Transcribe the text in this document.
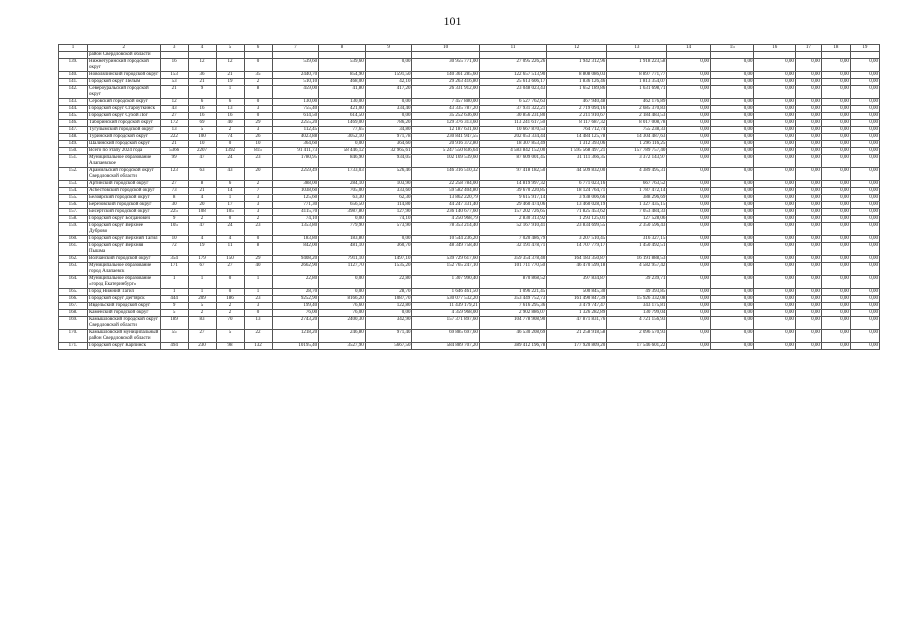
101
1	2	3	4	5	6	7	8	9	10	11	12	13	14	15	16	17	18	19
	район Свердловской области																	
139.	Нижнетуринский городской округ	16	12	12	0	539,60	539,60	0,00	30 955 771,00	27 095 226,26	1 942 312,96	1 918 223,58	0,00	0,00	0,00	0,00	0,00	0,00
140.	Новолялинский городской округ	153	36	21	35	2440,70	854,90	1591,50	140 361 285,60	122 657 513,90	8 808 086,03	8 897 771,77	0,00	0,00	0,00	0,00	0,00	0,00
141.	Городской округ Пелым	53	21	19	2	510,10	468,00	42,10	29 263 416,80	25 613 606,17	1 836 126,46	1 813 354,07	0,00	0,00	0,00	0,00	0,00	0,00
142.	Североуральский городской округ	21	9	1	8	459,00	41,80	417,20	26 331 912,00	23 048 023,43	1 652 189,86	1 631 698,71	0,00	0,00	0,00	0,00	0,00	0,00
143.	Серовский городской округ	12	6	6	0	130,00	130,00	0,00	7 457 880,00	6 527 762,63	467 940,48	462 176,89	0,00	0,00	0,00	0,00	0,00	0,00
144.	Городской округ Староуткинск	43	16	13	3	755,40	421,00	334,40	43 335 787,20	37 931 322,21	2 719 094,16	2 685 370,83	0,00	0,00	0,00	0,00	0,00	0,00
145.	Городской округ Сухой Лог	27	16	16	0	614,50	614,50	0,00	35 252 636,00	30 856 231,80	2 211 910,67	2 184 483,53	0,00	0,00	0,00	0,00	0,00	0,00
146.	Таборинский городской округ	172	69	40	29	2255,20	1469,00	786,20	129 376 313,60	113 241 617,50	8 117 687,32	8 017 008,78	0,00	0,00	0,00	0,00	0,00	0,00
147.	Тугулымский городской округ	13	5	2	3	112,45	77,65	34,80	12 187 631,60	10 667 870,53	764 712,74	755 238,33	0,00	0,00	0,00	0,00	0,00	0,00
148.	Туринский городской округ	222	100	74	26	4023,88	3052,10	971,78	230 841 947,55	202 053 334,44	14 484 125,78	14 304 487,63	0,00	0,00	0,00	0,00	0,00	0,00
149.	Шалинский городской округ	21	10	0	10	364,60	0,00	364,60	20 916 372,80	18 307 853,49	1 312 393,06	1 296 116,25	0,00	0,00	0,00	0,00	0,00	0,00
150.	Всего по этапу 2024 года	5366	2207	1392	815	91 411,73	58 446,12	32 965,61	5 247 550 836,64	4 583 842 152,00	1 595 568 497,21	157 789 757,40	0,00	0,00	0,00	0,00	0,00	0,00
151.	Муниципальное образование Алапаевское	99	47	24	23	1780,95	846,90	934,05	102 169 539,60	87 609 001,45	31 111 366,35	3 372 143,97	0,00	0,00	0,00	0,00	0,00	0,00
152.	Арамильский городской округ Свердловской области	123	63	43	20	2259,49	1733,03	526,46	146 316 510,32	97 418 182,50	44 509 832,00	4 389 495,31	0,00	0,00	0,00	0,00	0,00	0,00
153.	Артинский городской округ	27	8	6	2	388,00	284,10	103,90	22 258 784,00	14 819 997,32	6 771 023,16	667 763,52	0,00	0,00	0,00	0,00	0,00	0,00
154.	Асбестовский городской округ	73	21	14	7	1038,60	705,00	333,60	59 582 404,80	39 670 220,85	18 124 764,71	1 787 472,14	0,00	0,00	0,00	0,00	0,00	0,00
155.	Белоярский городской округ	8	4	1	3	125,60	63,30	62,30	13 862 220,79	9 615 917,14	3 938 006,66	388 296,69	0,00	0,00	0,00	0,00	0,00	0,00
156.	Березовский городской округ	30	20	17	3	771,30	656,50	114,80	44 247 331,40	29 460 474,06	13 460 028,19	1 327 435,15	0,00	0,00	0,00	0,00	0,00	0,00
157.	Бисертский городской округ	225	108	105	3	4115,70	3987,80	127,90	236 140 677,60	157 202 726,65	71 825 453,62	7 053 484,33	0,00	0,00	0,00	0,00	0,00	0,00
158.	Городской округ Богданович	9	2	0	2	74,10	0,00	74,10	4 250 968,79	2 830 313,92	1 293 125,01	127 528,06	0,00	0,00	0,00	0,00	0,00	0,00
159.	Городской округ Верхнее Дуброво	105	47	24	23	1353,80	779,90	573,90	78 353 214,40	52 167 910,41	23 834 699,55	2 350 596,43	0,00	0,00	0,00	0,00	0,00	0,00
160.	Городской округ Верхний Тагил	10	4	4	0	183,80	183,80	0,00	10 544 236,20	7 020 486,79	3 207 510,45	316 327,15	0,00	0,00	0,00	0,00	0,00	0,00
161.	Городской округ Верхняя Пышма	72	19	11	8	842,00	481,10	360,70	48 349 758,40	32 191 478,71	14 707 779,17	1 450 492,51	0,00	0,00	0,00	0,00	0,00	0,00
162.	Волчанский городской округ	354	179	150	29	9408,20	7911,10	1497,10	539 729 617,60	359 354 378,40	164 183 350,87	16 191 888,53	0,00	0,00	0,00	0,00	0,00	0,00
163.	Муниципальное образование город Алапаевск	171	67	27	40	2662,90	1127,70	1535,20	152 765 247,10	101 711 770,50	46 470 599,18	4 582 957,42	0,00	0,00	0,00	0,00	0,00	0,00
164.	Муниципальное образование «город Екатеринбург»	1	1	0	1	22,80	0,00	22,80	1 307 990,40	870 868,52	397 834,87	39 239,71	0,00	0,00	0,00	0,00	0,00	0,00
165.	Город Нижний Тагил	1	1	0	1	28,70	0,00	28,70	1 646 461,50	1 096 221,45	500 845,30	49 393,85	0,00	0,00	0,00	0,00	0,00	0,00
166.	Городской округ Дегтярск	444	209	186	23	9252,90	8166,20	1087,70	530 077 532,20	353 449 752,73	161 490 847,39	15 926 332,08	0,00	0,00	0,00	0,00	0,00	0,00
167.	Ивдельский городской округ	9	5	2	3	199,40	76,60	122,80	11 439 179,21	7 616 295,36	3 479 747,47	343 175,81	0,00	0,00	0,00	0,00	0,00	0,00
168.	Каменский городской округ	5	2	2	0	76,00	76,00	0,00	4 359 968,00	2 902 886,07	1 326 282,89	130 799,04	0,00	0,00	0,00	0,00	0,00	0,00
169.	Камышловский городской округ Свердловской области	189	83	70	13	2743,20	2400,30	342,90	157 371 897,60	104 778 908,90	47 871 831,76	4 721 156,93	0,00	0,00	0,00	0,00	0,00	0,00
170.	Камышловский муниципальный район Свердловской области	55	27	5	22	1218,20	246,80	971,40	69 885 697,60	46 530 208,69	21 258 918,58	2 096 570,93	0,00	0,00	0,00	0,00	0,00	0,00
171.	Городской округ Карпинск	494	230	98	132	10195,40	3527,90	5667,50	584 889 707,20	389 412 196,78	177 920 809,20	17 546 601,22	0,00	0,00	0,00	0,00	0,00	0,00
